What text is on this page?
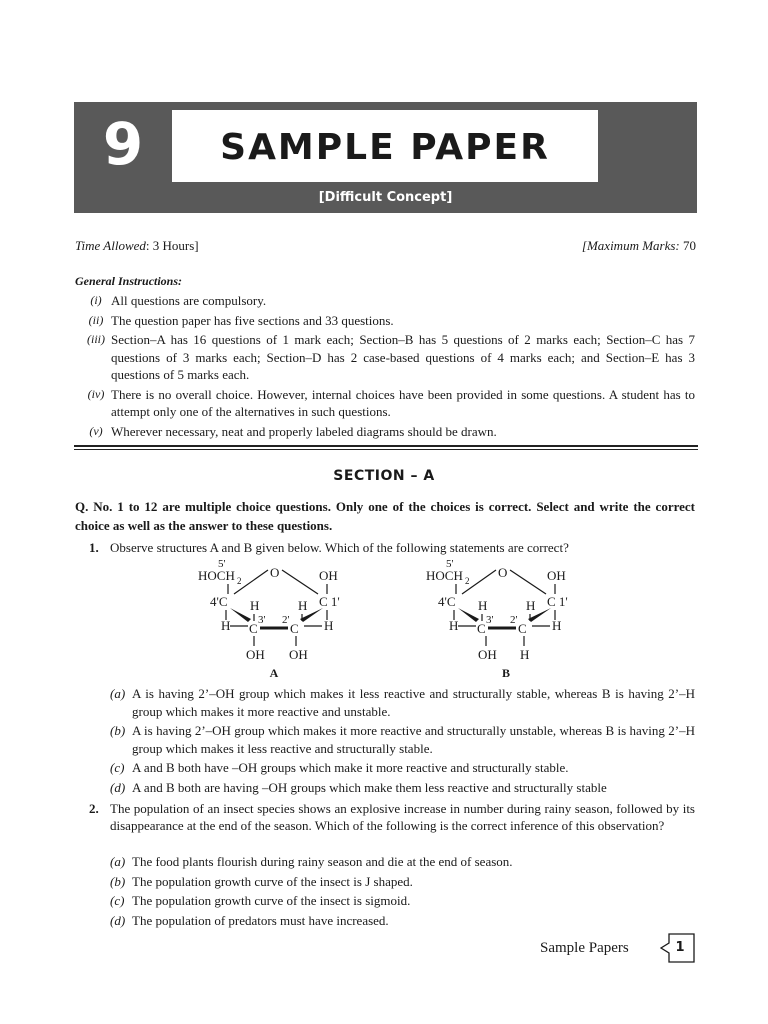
9	SAMPLE PAPER
[Difficult Concept]
Time Allowed: 3 Hours]	[Maximum Marks: 70
General Instructions:
(i) All questions are compulsory.
(ii) The question paper has five sections and 33 questions.
(iii) Section–A has 16 questions of 1 mark each; Section–B has 5 questions of 2 marks each; Section–C has 7 questions of 3 marks each; Section–D has 2 case-based questions of 4 marks each; and Section–E has 3 questions of 5 marks each.
(iv) There is no overall choice. However, internal choices have been provided in some questions. A student has to attempt only one of the alternatives in such questions.
(v) Wherever necessary, neat and properly labeled diagrams should be drawn.
SECTION – A
Q. No. 1 to 12 are multiple choice questions. Only one of the choices is correct. Select and write the correct choice as well as the answer to these questions.
1. Observe structures A and B given below. Which of the following statements are correct?
5'
HOCH 2
O	OH
4'C	C 1'
H	H
3' 2'
H C C H
OH OH
A
5'
HOCH 2
O	OH
4'C	C 1'
H	H
3' 2'
H C C H
OH H
B
(a) A is having 2’–OH group which makes it less reactive and structurally stable, whereas B is having 2’–H group which makes it more reactive and unstable.
(b) A is having 2’–OH group which makes it more reactive and structurally unstable, whereas B is having 2’–H group which makes it less reactive and structurally stable.
(c) A and B both have –OH groups which make it more reactive and structurally stable.
(d) A and B both are having –OH groups which make them less reactive and structurally stable
2. The population of an insect species shows an explosive increase in number during rainy season, followed by its disappearance at the end of the season. Which of the following is the correct inference of this observation?
(a) The food plants flourish during rainy season and die at the end of season.
(b) The population growth curve of the insect is J shaped.
(c) The population growth curve of the insect is sigmoid.
(d) The population of predators must have increased.
Sample Papers	1
